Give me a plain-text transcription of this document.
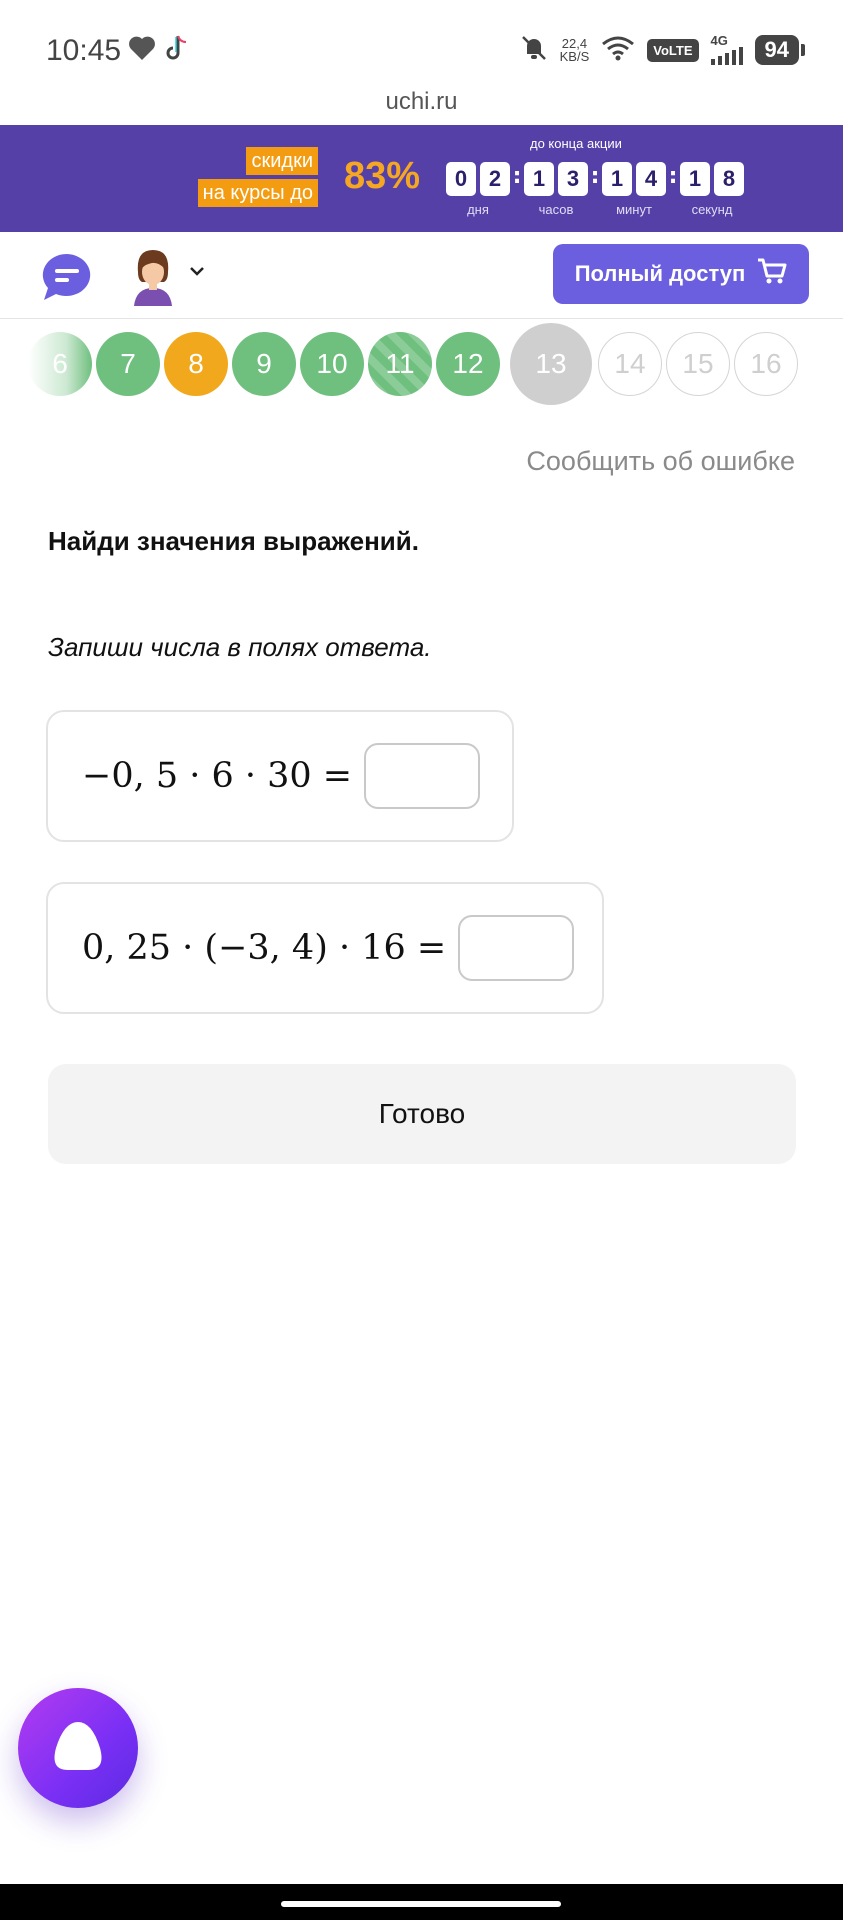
10:45	22,4
KB/S	VoLTE
4G	94
uchi.ru
скидки
на курсы до 83%
до конца акции
0 2
дня
: 1 3
часов
: 1 4
минут
: 1 8
секунд
Полный доступ
6 7 8 9 10 11 12 13 14 15 16
Сообщить об ошибке
Найди значения выражений.
Запиши числа в полях ответа.
−0, 5 · 6 · 30 =
0, 25 · (−3, 4) · 16 =
Готово
